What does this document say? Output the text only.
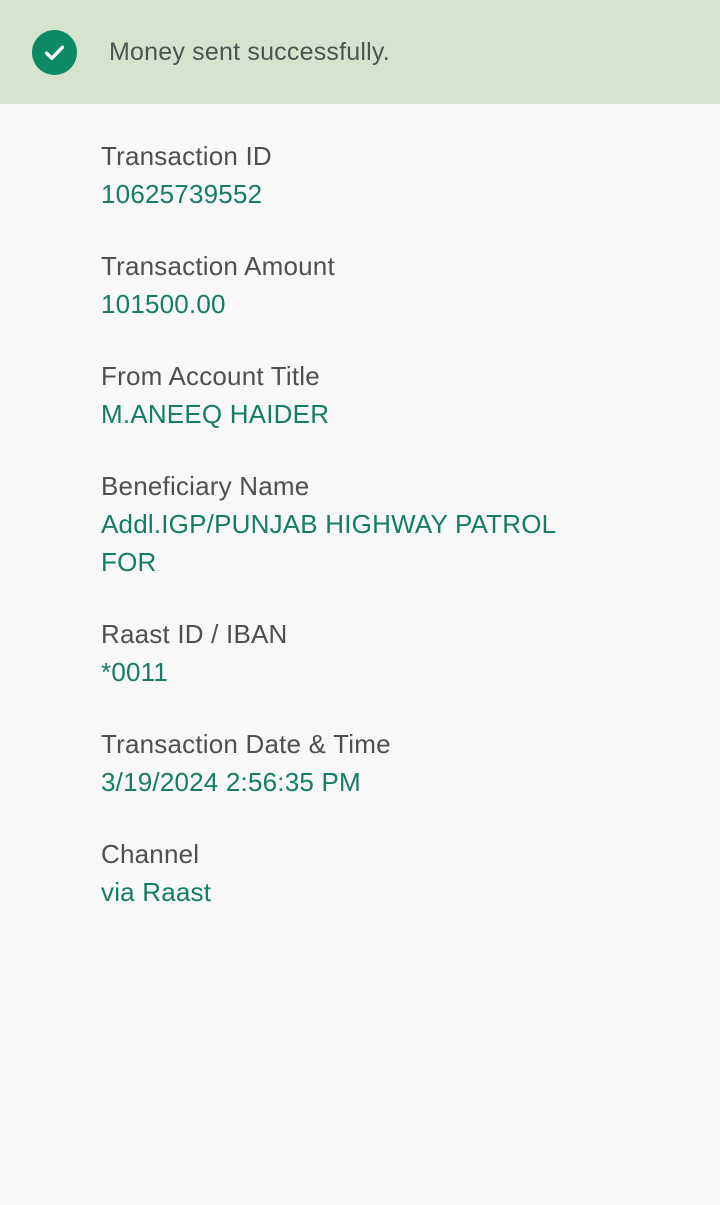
Money sent successfully.
Transaction ID
10625739552
Transaction Amount
101500.00
From Account Title
M.ANEEQ HAIDER
Beneficiary Name
Addl.IGP/PUNJAB HIGHWAY PATROL FOR
Raast ID / IBAN
*0011
Transaction Date & Time
3/19/2024 2:56:35 PM
Channel
via Raast
